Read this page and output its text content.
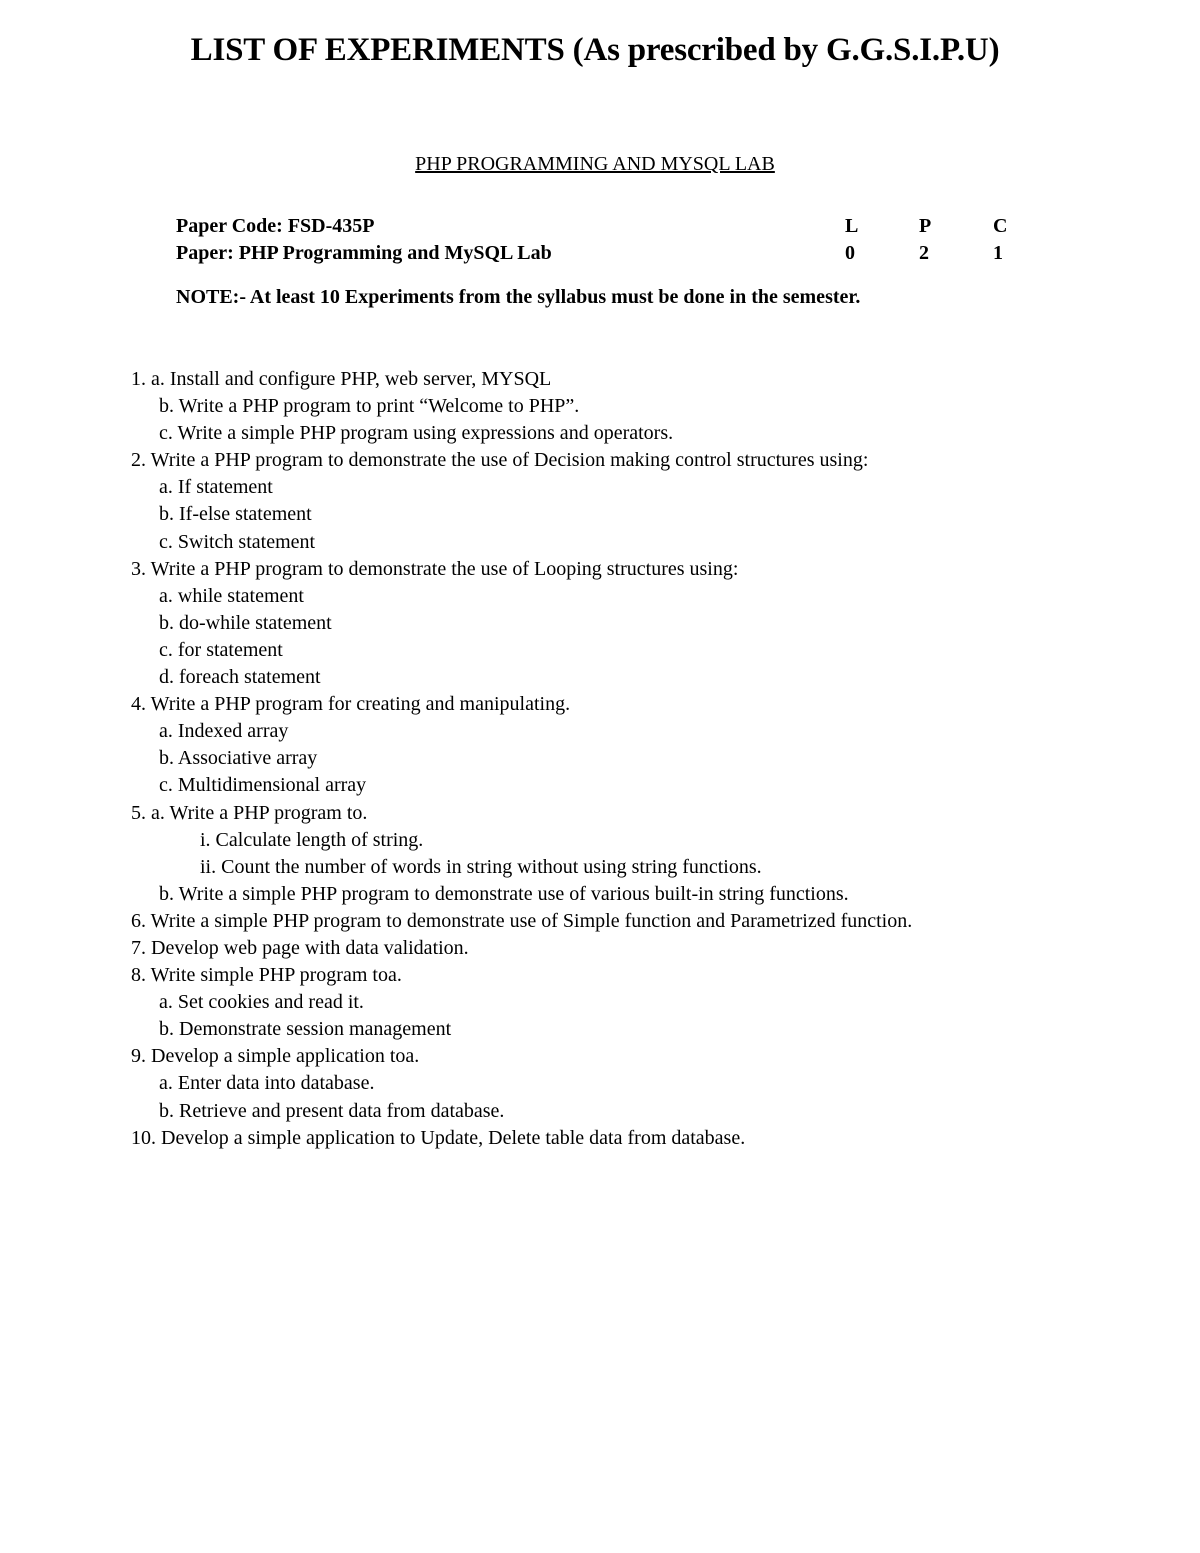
LIST OF EXPERIMENTS (As prescribed by G.G.S.I.P.U)
PHP PROGRAMMING AND MYSQL LAB
Paper Code: FSD-435P	L	P	C
Paper: PHP Programming and MySQL Lab	0	2	1

NOTE:- At least 10 Experiments from the syllabus must be done in the semester.

1. a. Install and configure PHP, web server, MYSQL
b. Write a PHP program to print “Welcome to PHP”.
c. Write a simple PHP program using expressions and operators.
2. Write a PHP program to demonstrate the use of Decision making control structures using:
a. If statement
b. If-else statement
c. Switch statement
3. Write a PHP program to demonstrate the use of Looping structures using:
a. while statement
b. do-while statement
c. for statement
d. foreach statement
4. Write a PHP program for creating and manipulating.
a. Indexed array
b. Associative array
c. Multidimensional array
5. a. Write a PHP program to.
i. Calculate length of string.
ii. Count the number of words in string without using string functions.
b. Write a simple PHP program to demonstrate use of various built-in string functions.
6. Write a simple PHP program to demonstrate use of Simple function and Parametrized function.
7. Develop web page with data validation.
8. Write simple PHP program toa.
a. Set cookies and read it.
b. Demonstrate session management
9. Develop a simple application toa.
a. Enter data into database.
b. Retrieve and present data from database.
10. Develop a simple application to Update, Delete table data from database.
